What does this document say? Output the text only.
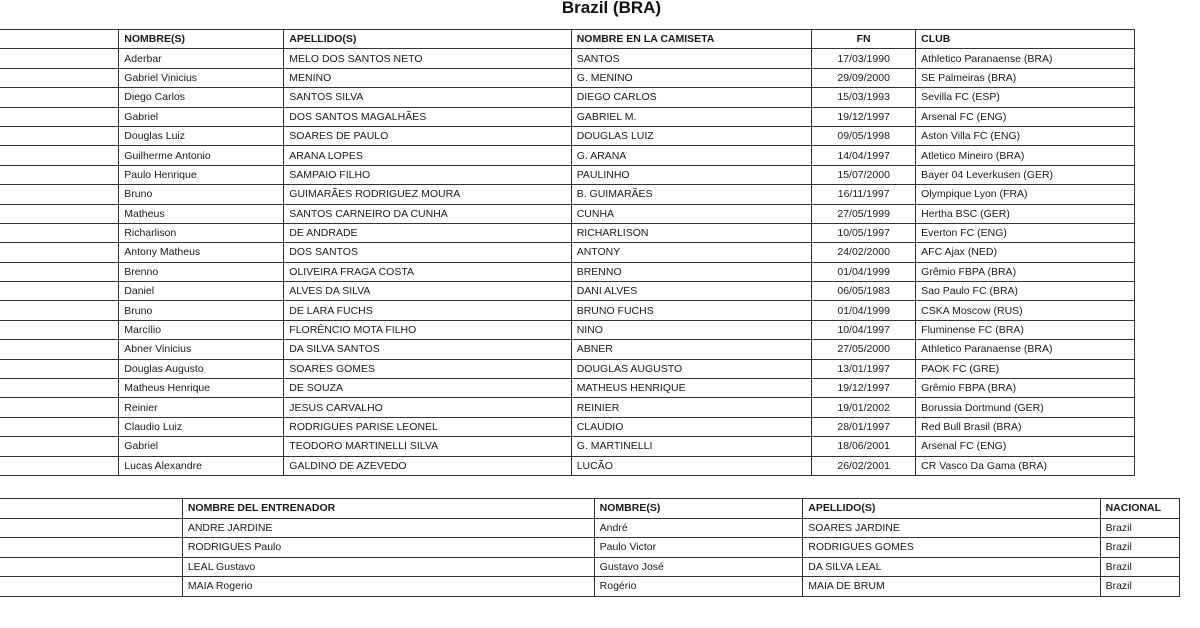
Brazil (BRA)
	NOMBRE(S)	APELLIDO(S)	NOMBRE EN LA CAMISETA	FN	CLUB
	Aderbar	MELO DOS SANTOS NETO	SANTOS	17/03/1990	Athletico Paranaense (BRA)
	Gabriel Vinicius	MENINO	G. MENINO	29/09/2000	SE Palmeiras (BRA)
	Diego Carlos	SANTOS SILVA	DIEGO CARLOS	15/03/1993	Sevilla FC (ESP)
	Gabriel	DOS SANTOS MAGALHÃES	GABRIEL M.	19/12/1997	Arsenal FC (ENG)
	Douglas Luiz	SOARES DE PAULO	DOUGLAS LUIZ	09/05/1998	Aston Villa FC (ENG)
	Guilherme Antonio	ARANA LOPES	G. ARANA	14/04/1997	Atletico Mineiro (BRA)
	Paulo Henrique	SAMPAIO FILHO	PAULINHO	15/07/2000	Bayer 04 Leverkusen (GER)
	Bruno	GUIMARÃES RODRIGUEZ MOURA	B. GUIMARÃES	16/11/1997	Olympique Lyon (FRA)
	Matheus	SANTOS CARNEIRO DA CUNHA	CUNHA	27/05/1999	Hertha BSC (GER)
	Richarlison	DE ANDRADE	RICHARLISON	10/05/1997	Everton FC (ENG)
	Antony Matheus	DOS SANTOS	ANTONY	24/02/2000	AFC Ajax (NED)
	Brenno	OLIVEIRA FRAGA COSTA	BRENNO	01/04/1999	Grêmio FBPA (BRA)
	Daniel	ALVES DA SILVA	DANI ALVES	06/05/1983	Sao Paulo FC (BRA)
	Bruno	DE LARA FUCHS	BRUNO FUCHS	01/04/1999	CSKA Moscow (RUS)
	Marcílio	FLORÊNCIO MOTA FILHO	NINO	10/04/1997	Fluminense FC (BRA)
	Abner Vinicius	DA SILVA SANTOS	ABNER	27/05/2000	Athletico Paranaense (BRA)
	Douglas Augusto	SOARES GOMES	DOUGLAS AUGUSTO	13/01/1997	PAOK FC (GRE)
	Matheus Henrique	DE SOUZA	MATHEUS HENRIQUE	19/12/1997	Grêmio FBPA (BRA)
	Reinier	JESUS CARVALHO	REINIER	19/01/2002	Borussia Dortmund (GER)
	Claudio Luiz	RODRIGUES PARISE LEONEL	CLAUDIO	28/01/1997	Red Bull Brasil (BRA)
	Gabriel	TEODORO MARTINELLI SILVA	G. MARTINELLI	18/06/2001	Arsenal FC (ENG)
	Lucas Alexandre	GALDINO DE AZEVEDO	LUCÃO	26/02/2001	CR Vasco Da Gama (BRA)
	NOMBRE DEL ENTRENADOR	NOMBRE(S)	APELLIDO(S)	NACIONAL
	ANDRE JARDINE	André	SOARES JARDINE	Brazil
	RODRIGUES Paulo	Paulo Victor	RODRIGUES GOMES	Brazil
	LEAL Gustavo	Gustavo José	DA SILVA LEAL	Brazil
	MAIA Rogerio	Rogério	MAIA DE BRUM	Brazil
